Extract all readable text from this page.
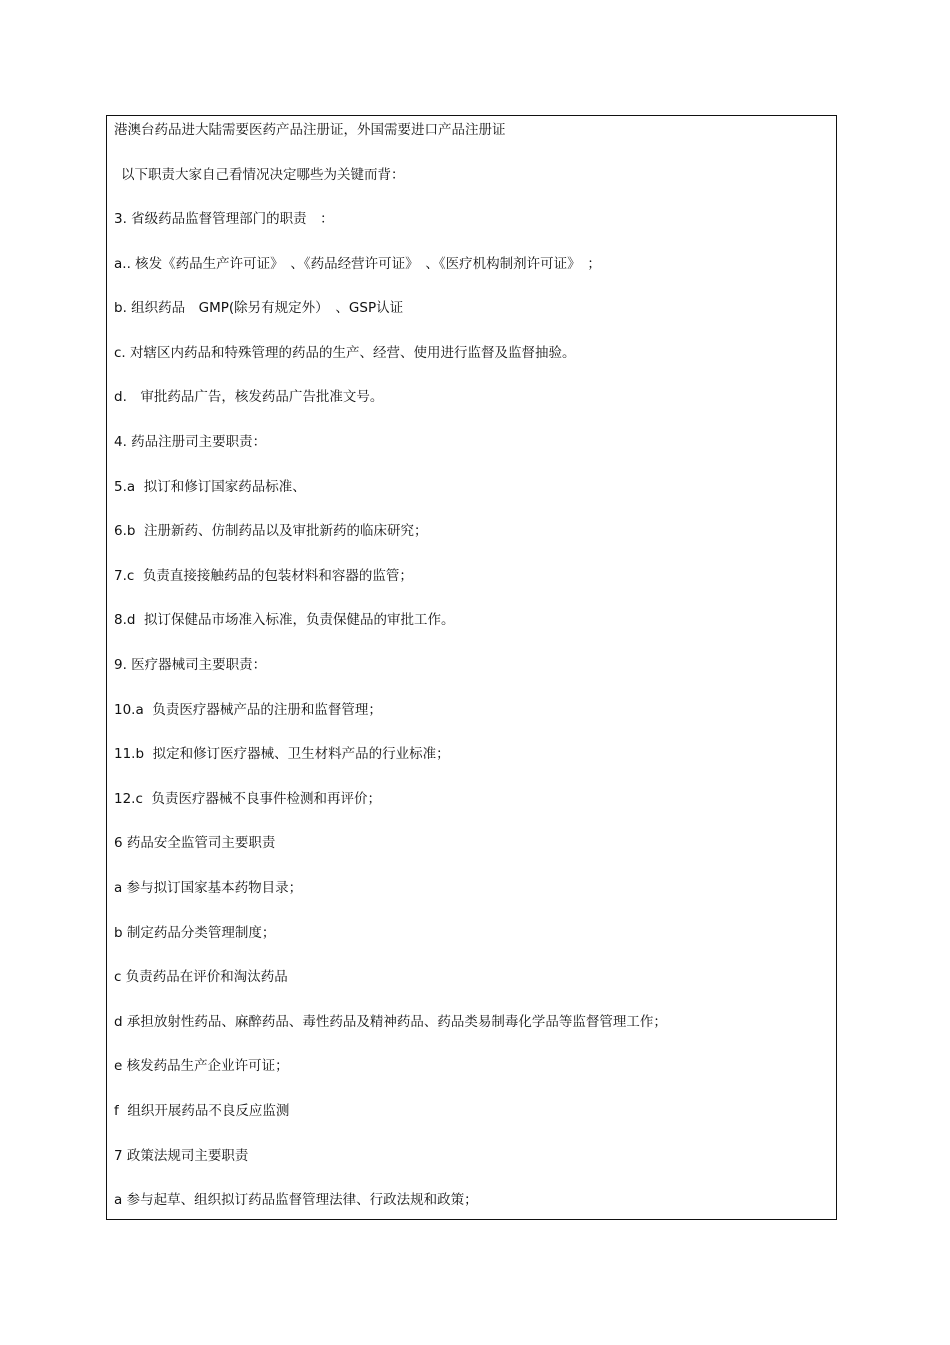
港澳台药品进大陆需要医药产品注册证，外国需要进口产品注册证
以下职责大家自己看情况决定哪些为关键而背：
3. 省级药品监督管理部门的职责　：
a.. 核发《药品生产许可证》　、《药品经营许可证》　、《医疗机构制剂许可证》　；
b. 组织药品　GMP(除另有规定外）　、GSP认证
c. 对辖区内药品和特殊管理的药品的生产、经营、使用进行监督及监督抽验。
d.　审批药品广告，核发药品广告批准文号。
4. 药品注册司主要职责：
5.a  拟订和修订国家药品标准、
6.b  注册新药、仿制药品以及审批新药的临床研究；
7.c  负责直接接触药品的包装材料和容器的监管；
8.d  拟订保健品市场准入标准，负责保健品的审批工作。
9. 医疗器械司主要职责：
10.a  负责医疗器械产品的注册和监督管理；
11.b  拟定和修订医疗器械、卫生材料产品的行业标准；
12.c  负责医疗器械不良事件检测和再评价；
6 药品安全监管司主要职责
a 参与拟订国家基本药物目录；
b 制定药品分类管理制度；
c 负责药品在评价和淘汰药品
d 承担放射性药品、麻醉药品、毒性药品及精神药品、药品类易制毒化学品等监督管理工作；
e 核发药品生产企业许可证；
f  组织开展药品不良反应监测
7 政策法规司主要职责
a 参与起草、组织拟订药品监督管理法律、行政法规和政策；
